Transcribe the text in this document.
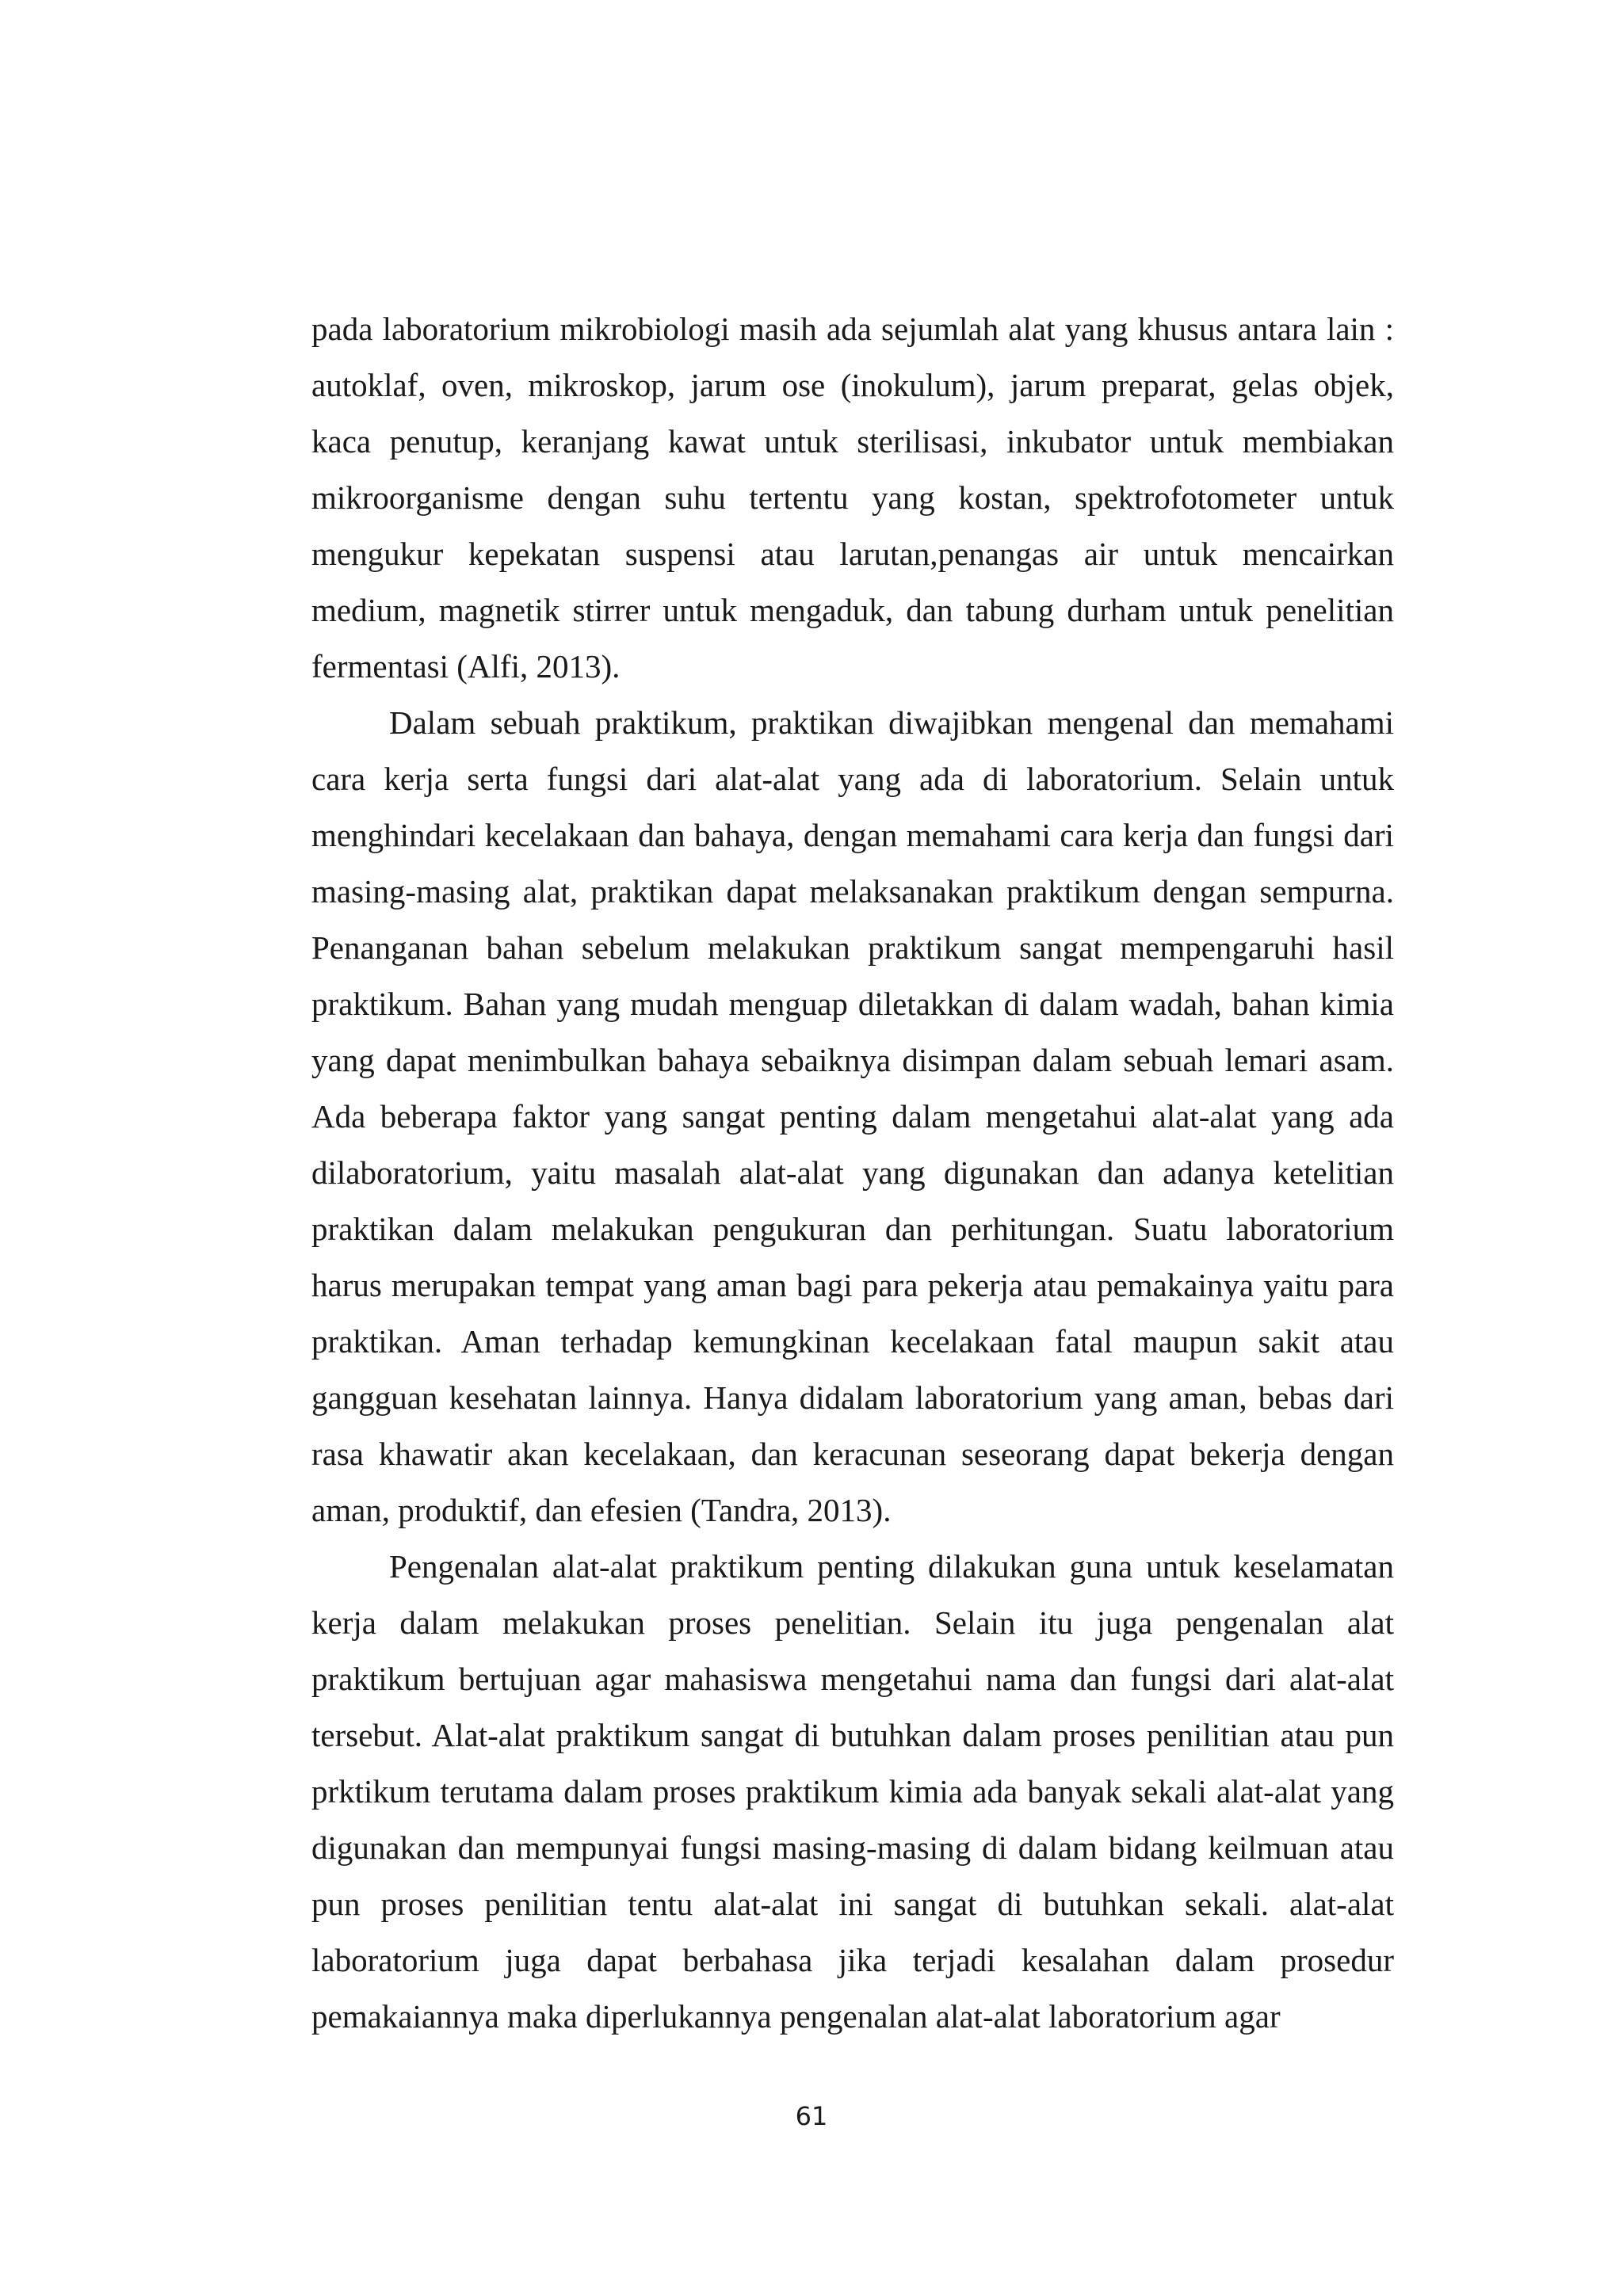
pada laboratorium mikrobiologi masih ada sejumlah alat yang khusus antara lain :
autoklaf, oven, mikroskop, jarum ose (inokulum), jarum preparat, gelas objek,
kaca penutup, keranjang kawat untuk sterilisasi, inkubator untuk membiakan
mikroorganisme dengan suhu tertentu yang kostan, spektrofotometer untuk
mengukur kepekatan suspensi atau larutan,penangas air untuk mencairkan
medium, magnetik stirrer untuk mengaduk, dan tabung durham untuk penelitian
fermentasi (Alfi, 2013).
Dalam sebuah praktikum, praktikan diwajibkan mengenal dan memahami
cara kerja serta fungsi dari alat-alat yang ada di laboratorium. Selain untuk
menghindari kecelakaan dan bahaya, dengan memahami cara kerja dan fungsi dari
masing-masing alat, praktikan dapat melaksanakan praktikum dengan sempurna.
Penanganan bahan sebelum melakukan praktikum sangat mempengaruhi hasil
praktikum. Bahan yang mudah menguap diletakkan di dalam wadah, bahan kimia
yang dapat menimbulkan bahaya sebaiknya disimpan dalam sebuah lemari asam.
Ada beberapa faktor yang sangat penting dalam mengetahui alat-alat yang ada
dilaboratorium, yaitu masalah alat-alat yang digunakan dan adanya ketelitian
praktikan dalam melakukan pengukuran dan perhitungan. Suatu laboratorium
harus merupakan tempat yang aman bagi para pekerja atau pemakainya yaitu para
praktikan. Aman terhadap kemungkinan kecelakaan fatal maupun sakit atau
gangguan kesehatan lainnya. Hanya didalam laboratorium yang aman, bebas dari
rasa khawatir akan kecelakaan, dan keracunan seseorang dapat bekerja dengan
aman, produktif, dan efesien (Tandra, 2013).
Pengenalan alat-alat praktikum penting dilakukan guna untuk keselamatan
kerja dalam melakukan proses penelitian. Selain itu juga pengenalan alat
praktikum bertujuan agar mahasiswa mengetahui nama dan fungsi dari alat-alat
tersebut. Alat-alat praktikum sangat di butuhkan dalam proses penilitian atau pun
prktikum terutama dalam proses praktikum kimia ada banyak sekali alat-alat yang
digunakan dan mempunyai fungsi masing-masing di dalam bidang keilmuan atau
pun proses penilitian tentu alat-alat ini sangat di butuhkan sekali. alat-alat
laboratorium juga dapat berbahasa jika terjadi kesalahan dalam prosedur
pemakaiannya maka diperlukannya pengenalan alat-alat laboratorium agar
61
